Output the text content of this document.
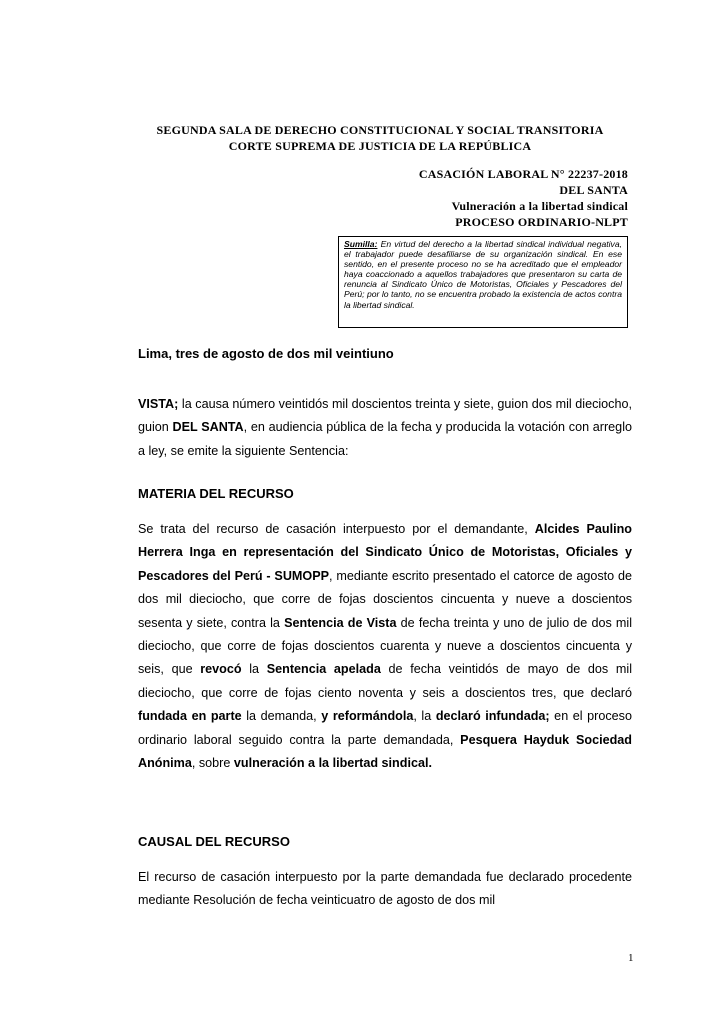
SEGUNDA SALA DE DERECHO CONSTITUCIONAL Y SOCIAL TRANSITORIA
CORTE SUPREMA DE JUSTICIA DE LA REPÚBLICA
CASACIÓN LABORAL N° 22237-2018
DEL SANTA
Vulneración a la libertad sindical
PROCESO ORDINARIO-NLPT
Sumilla: En virtud del derecho a la libertad sindical individual negativa, el trabajador puede desafiliarse de su organización sindical. En ese sentido, en el presente proceso no se ha acreditado que el empleador haya coaccionado a aquellos trabajadores que presentaron su carta de renuncia al Sindicato Único de Motoristas, Oficiales y Pescadores del Perú; por lo tanto, no se encuentra probado la existencia de actos contra la libertad sindical.
Lima, tres de agosto de dos mil veintiuno
VISTA; la causa número veintidós mil doscientos treinta y siete, guion dos mil dieciocho, guion DEL SANTA, en audiencia pública de la fecha y producida la votación con arreglo a ley, se emite la siguiente Sentencia:
MATERIA DEL RECURSO
Se trata del recurso de casación interpuesto por el demandante, Alcides Paulino Herrera Inga en representación del Sindicato Único de Motoristas, Oficiales y Pescadores del Perú - SUMOPP, mediante escrito presentado el catorce de agosto de dos mil dieciocho, que corre de fojas doscientos cincuenta y nueve a doscientos sesenta y siete, contra la Sentencia de Vista de fecha treinta y uno de julio de dos mil dieciocho, que corre de fojas doscientos cuarenta y nueve a doscientos cincuenta y seis, que revocó la Sentencia apelada de fecha veintidós de mayo de dos mil dieciocho, que corre de fojas ciento noventa y seis a doscientos tres, que declaró fundada en parte la demanda, y reformándola, la declaró infundada; en el proceso ordinario laboral seguido contra la parte demandada, Pesquera Hayduk Sociedad Anónima, sobre vulneración a la libertad sindical.
CAUSAL DEL RECURSO
El recurso de casación interpuesto por la parte demandada fue declarado procedente mediante Resolución de fecha veinticuatro de agosto de dos mil
1
